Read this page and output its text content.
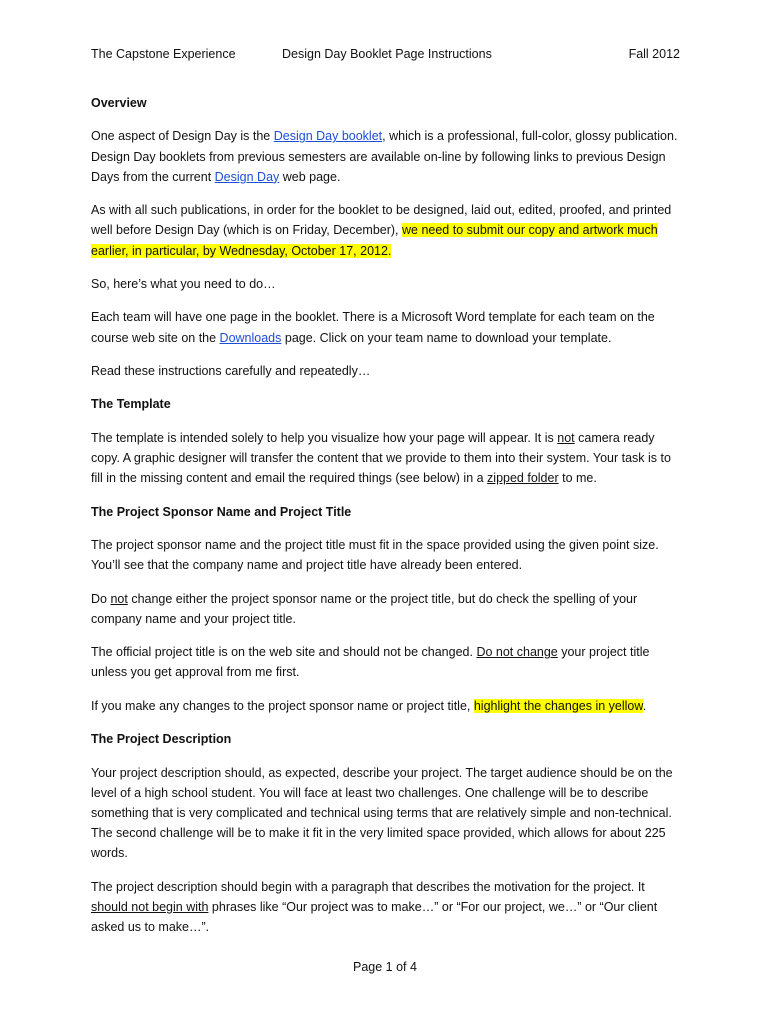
The Capstone Experience	Design Day Booklet Page Instructions	Fall 2012
Overview

One aspect of Design Day is the Design Day booklet, which is a professional, full-color, glossy publication. Design Day booklets from previous semesters are available on-line by following links to previous Design Days from the current Design Day web page.

As with all such publications, in order for the booklet to be designed, laid out, edited, proofed, and printed well before Design Day (which is on Friday, December), we need to submit our copy and artwork much earlier, in particular, by Wednesday, October 17, 2012.

So, here’s what you need to do…

Each team will have one page in the booklet. There is a Microsoft Word template for each team on the course web site on the Downloads page. Click on your team name to download your template.

Read these instructions carefully and repeatedly…

The Template

The template is intended solely to help you visualize how your page will appear. It is not camera ready copy. A graphic designer will transfer the content that we provide to them into their system. Your task is to fill in the missing content and email the required things (see below) in a zipped folder to me.

The Project Sponsor Name and Project Title

The project sponsor name and the project title must fit in the space provided using the given point size. You’ll see that the company name and project title have already been entered.

Do not change either the project sponsor name or the project title, but do check the spelling of your company name and your project title.

The official project title is on the web site and should not be changed. Do not change your project title unless you get approval from me first.

If you make any changes to the project sponsor name or project title, highlight the changes in yellow.

The Project Description

Your project description should, as expected, describe your project. The target audience should be on the level of a high school student. You will face at least two challenges. One challenge will be to describe something that is very complicated and technical using terms that are relatively simple and non-technical. The second challenge will be to make it fit in the very limited space provided, which allows for about 225 words.

The project description should begin with a paragraph that describes the motivation for the project. It should not begin with phrases like “Our project was to make…” or “For our project, we…” or “Our client asked us to make…”.

Page 1 of 4
